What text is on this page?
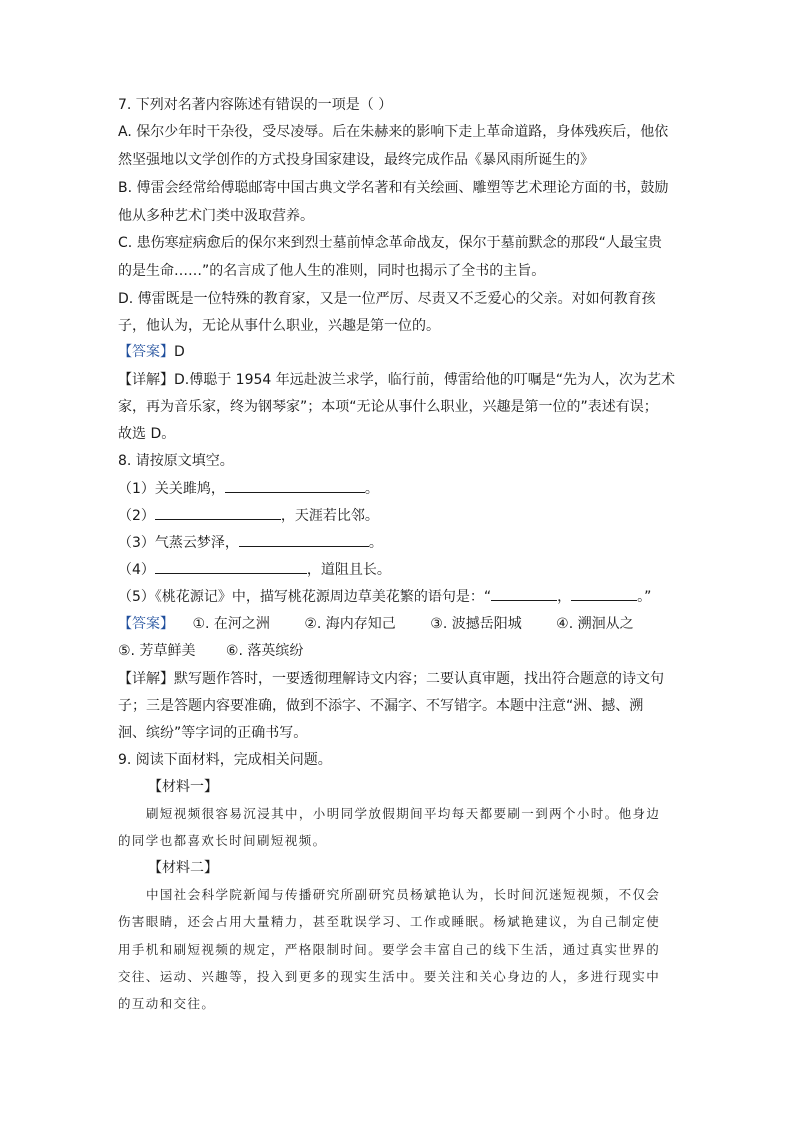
7. 下列对名著内容陈述有错误的一项是（ ）
A. 保尔少年时干杂役，受尽凌辱。后在朱赫来的影响下走上革命道路，身体残疾后，他依
然坚强地以文学创作的方式投身国家建设，最终完成作品《暴风雨所诞生的》
B. 傅雷会经常给傅聪邮寄中国古典文学名著和有关绘画、雕塑等艺术理论方面的书，鼓励
他从多种艺术门类中汲取营养。
C. 患伤寒症病愈后的保尔来到烈士墓前悼念革命战友，保尔于墓前默念的那段“人最宝贵
的是生命……”的名言成了他人生的准则，同时也揭示了全书的主旨。
D. 傅雷既是一位特殊的教育家，又是一位严厉、尽责又不乏爱心的父亲。对如何教育孩
子，他认为，无论从事什么职业，兴趣是第一位的。
【答案】D
【详解】D.傅聪于 1954 年远赴波兰求学，临行前，傅雷给他的叮嘱是“先为人，次为艺术
家，再为音乐家，终为钢琴家”；本项“无论从事什么职业，兴趣是第一位的”表述有误；
故选 D。
8. 请按原文填空。
（1）关关雎鸠，	。
（2）	，天涯若比邻。
（3）气蒸云梦泽，	。
（4）	，道阻且长。
（5）《桃花源记》中，描写桃花源周边草美花繁的语句是：“	，	。”
【答案】 ①. 在河之洲 ②. 海内存知己 ③. 波撼岳阳城 ④. 溯洄从之
⑤. 芳草鲜美 ⑥. 落英缤纷
【详解】默写题作答时，一要透彻理解诗文内容；二要认真审题，找出符合题意的诗文句
子；三是答题内容要准确，做到不添字、不漏字、不写错字。本题中注意“洲、撼、溯
洄、缤纷”等字词的正确书写。
9. 阅读下面材料，完成相关问题。
【材料一】
刷短视频很容易沉浸其中，小明同学放假期间平均每天都要刷一到两个小时。他身边
的同学也都喜欢长时间刷短视频。
【材料二】
中国社会科学院新闻与传播研究所副研究员杨斌艳认为，长时间沉迷短视频，不仅会
伤害眼睛，还会占用大量精力，甚至耽误学习、工作或睡眠。杨斌艳建议，为自己制定使
用手机和刷短视频的规定，严格限制时间。要学会丰富自己的线下生活，通过真实世界的
交往、运动、兴趣等，投入到更多的现实生活中。要关注和关心身边的人，多进行现实中
的互动和交往。
